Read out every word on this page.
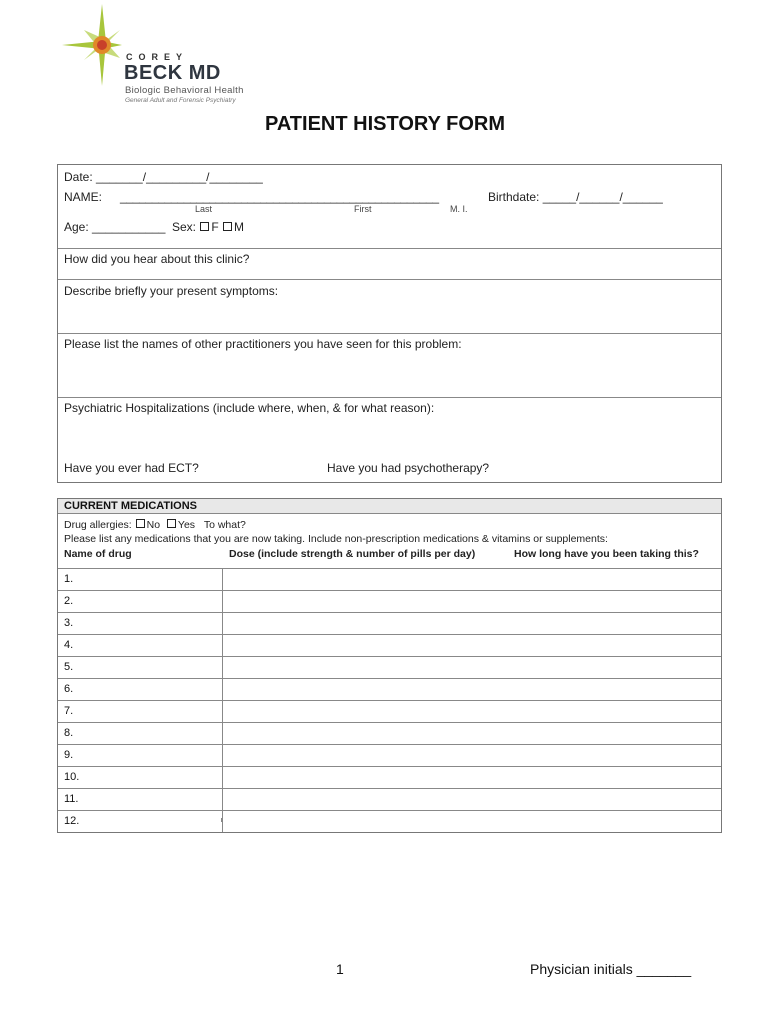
COREY
BECK MD
Biologic Behavioral Health
General Adult and Forensic Psychiatry
PATIENT HISTORY FORM
Date: _______/_________/________
NAME: __________________________________________________	Birthdate: _____/______/______
Last	First	M. I.
Age: ___________ Sex: F M
How did you hear about this clinic?
Describe briefly your present symptoms:
Please list the names of other practitioners you have seen for this problem:
Psychiatric Hospitalizations (include where, when, & for what reason):
Have you ever had ECT?	Have you had psychotherapy?
CURRENT MEDICATIONS
Drug allergies: No Yes To what?
Please list any medications that you are now taking. Include non-prescription medications & vitamins or supplements:
Name of drug	Dose (include strength & number of pills per day)	How long have you been taking this?
1.
2.
3.
4.
5.
6.
7.
8.
9.
10.
11.
12.
1	Physician initials _______
